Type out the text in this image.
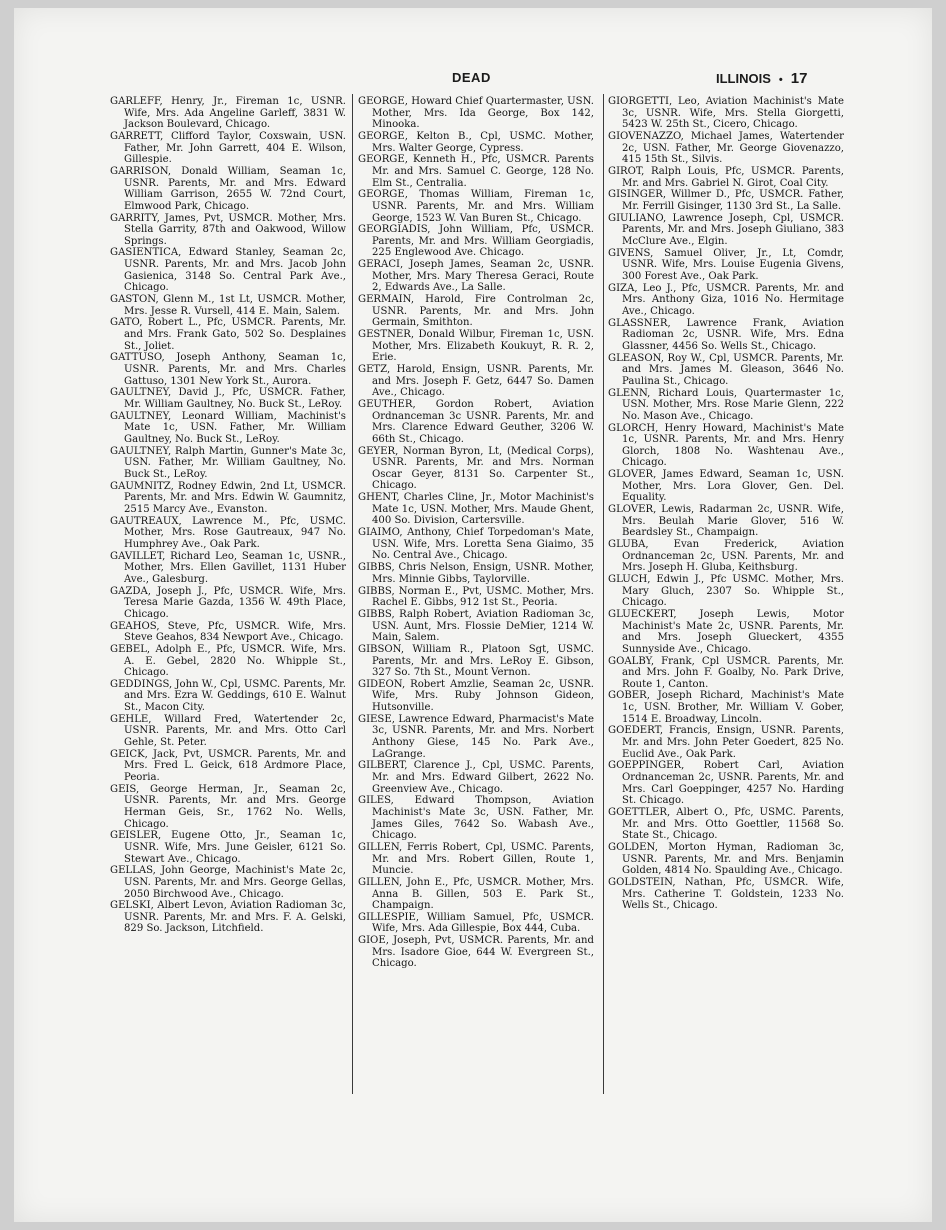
DEAD	ILLINOIS • 17
GARLEFF, Henry, Jr., Fireman 1c, USNR. Wife, Mrs. Ada Angeline Garleff, 3831 W. Jackson Boulevard, Chicago.
GARRETT, Clifford Taylor, Coxswain, USN. Father, Mr. John Garrett, 404 E. Wilson, Gillespie.
GARRISON, Donald William, Seaman 1c, USNR. Parents, Mr. and Mrs. Edward William Garrison, 2655 W. 72nd Court, Elmwood Park, Chicago.
GARRITY, James, Pvt, USMCR. Mother, Mrs. Stella Garrity, 87th and Oakwood, Willow Springs.
GASIENTICA, Edward Stanley, Seaman 2c, USNR. Parents, Mr. and Mrs. Jacob John Gasienica, 3148 So. Central Park Ave., Chicago.
GASTON, Glenn M., 1st Lt, USMCR. Mother, Mrs. Jesse R. Vursell, 414 E. Main, Salem.
GATO, Robert L., Pfc, USMCR. Parents, Mr. and Mrs. Frank Gato, 502 So. Desplaines St., Joliet.
GATTUSO, Joseph Anthony, Seaman 1c, USNR. Parents, Mr. and Mrs. Charles Gattuso, 1301 New York St., Aurora.
GAULTNEY, David J., Pfc, USMCR. Father, Mr. William Gaultney, No. Buck St., LeRoy.
GAULTNEY, Leonard William, Machinist's Mate 1c, USN. Father, Mr. William Gaultney, No. Buck St., LeRoy.
GAULTNEY, Ralph Martin, Gunner's Mate 3c, USN. Father, Mr. William Gaultney, No. Buck St., LeRoy.
GAUMNITZ, Rodney Edwin, 2nd Lt, USMCR. Parents, Mr. and Mrs. Edwin W. Gaumnitz, 2515 Marcy Ave., Evanston.
GAUTREAUX, Lawrence M., Pfc, USMC. Mother, Mrs. Rose Gautreaux, 947 No. Humphrey Ave., Oak Park.
GAVILLET, Richard Leo, Seaman 1c, USNR., Mother, Mrs. Ellen Gavillet, 1131 Huber Ave., Galesburg.
GAZDA, Joseph J., Pfc, USMCR. Wife, Mrs. Teresa Marie Gazda, 1356 W. 49th Place, Chicago.
GEAHOS, Steve, Pfc, USMCR. Wife, Mrs. Steve Geahos, 834 Newport Ave., Chicago.
GEBEL, Adolph E., Pfc, USMCR. Wife, Mrs. A. E. Gebel, 2820 No. Whipple St., Chicago.
GEDDINGS, John W., Cpl, USMC. Parents, Mr. and Mrs. Ezra W. Geddings, 610 E. Walnut St., Macon City.
GEHLE, Willard Fred, Watertender 2c, USNR. Parents, Mr. and Mrs. Otto Carl Gehle, St. Peter.
GEICK, Jack, Pvt, USMCR. Parents, Mr. and Mrs. Fred L. Geick, 618 Ardmore Place, Peoria.
GEIS, George Herman, Jr., Seaman 2c, USNR. Parents, Mr. and Mrs. George Herman Geis, Sr., 1762 No. Wells, Chicago.
GEISLER, Eugene Otto, Jr., Seaman 1c, USNR. Wife, Mrs. June Geisler, 6121 So. Stewart Ave., Chicago.
GELLAS, John George, Machinist's Mate 2c, USN. Parents, Mr. and Mrs. George Gellas, 2050 Birchwood Ave., Chicago.
GELSKI, Albert Levon, Aviation Radioman 3c, USNR. Parents, Mr. and Mrs. F. A. Gelski, 829 So. Jackson, Litchfield.
GEORGE, Howard Chief Quartermaster, USN. Mother, Mrs. Ida George, Box 142, Minooka.
GEORGE, Kelton B., Cpl, USMC. Mother, Mrs. Walter George, Cypress.
GEORGE, Kenneth H., Pfc, USMCR. Parents Mr. and Mrs. Samuel C. George, 128 No. Elm St., Centralia.
GEORGE, Thomas William, Fireman 1c, USNR. Parents, Mr. and Mrs. William George, 1523 W. Van Buren St., Chicago.
GEORGIADIS, John William, Pfc, USMCR. Parents, Mr. and Mrs. William Georgiadis, 225 Englewood Ave. Chicago.
GERACI, Joseph James, Seaman 2c, USNR. Mother, Mrs. Mary Theresa Geraci, Route 2, Edwards Ave., La Salle.
GERMAIN, Harold, Fire Controlman 2c, USNR. Parents, Mr. and Mrs. John Germain, Smithton.
GESTNER, Donald Wilbur, Fireman 1c, USN. Mother, Mrs. Elizabeth Koukuyt, R. R. 2, Erie.
GETZ, Harold, Ensign, USNR. Parents, Mr. and Mrs. Joseph F. Getz, 6447 So. Damen Ave., Chicago.
GEUTHER, Gordon Robert, Aviation Ordnanceman 3c USNR. Parents, Mr. and Mrs. Clarence Edward Geuther, 3206 W. 66th St., Chicago.
GEYER, Norman Byron, Lt, (Medical Corps), USNR. Parents, Mr. and Mrs. Norman Oscar Geyer, 8131 So. Carpenter St., Chicago.
GHENT, Charles Cline, Jr., Motor Machinist's Mate 1c, USN. Mother, Mrs. Maude Ghent, 400 So. Division, Cartersville.
GIAIMO, Anthony, Chief Torpedoman's Mate, USN. Wife, Mrs. Loretta Sena Giaimo, 35 No. Central Ave., Chicago.
GIBBS, Chris Nelson, Ensign, USNR. Mother, Mrs. Minnie Gibbs, Taylorville.
GIBBS, Norman E., Pvt, USMC. Mother, Mrs. Rachel E. Gibbs, 912 1st St., Peoria.
GIBBS, Ralph Robert, Aviation Radioman 3c, USN. Aunt, Mrs. Flossie DeMier, 1214 W. Main, Salem.
GIBSON, William R., Platoon Sgt, USMC. Parents, Mr. and Mrs. LeRoy E. Gibson, 327 So. 7th St., Mount Vernon.
GIDEON, Robert Amzlie, Seaman 2c, USNR. Wife, Mrs. Ruby Johnson Gideon, Hutsonville.
GIESE, Lawrence Edward, Pharmacist's Mate 3c, USNR. Parents, Mr. and Mrs. Norbert Anthony Giese, 145 No. Park Ave., LaGrange.
GILBERT, Clarence J., Cpl, USMC. Parents, Mr. and Mrs. Edward Gilbert, 2622 No. Greenview Ave., Chicago.
GILES, Edward Thompson, Aviation Machinist's Mate 3c, USN. Father, Mr. James Giles, 7642 So. Wabash Ave., Chicago.
GILLEN, Ferris Robert, Cpl, USMC. Parents, Mr. and Mrs. Robert Gillen, Route 1, Muncie.
GILLEN, John E., Pfc, USMCR. Mother, Mrs. Anna B. Gillen, 503 E. Park St., Champaign.
GILLESPIE, William Samuel, Pfc, USMCR. Wife, Mrs. Ada Gillespie, Box 444, Cuba.
GIOE, Joseph, Pvt, USMCR. Parents, Mr. and Mrs. Isadore Gioe, 644 W. Evergreen St., Chicago.
GIORGETTI, Leo, Aviation Machinist's Mate 3c, USNR. Wife, Mrs. Stella Giorgetti, 5423 W. 25th St., Cicero, Chicago.
GIOVENAZZO, Michael James, Watertender 2c, USN. Father, Mr. George Giovenazzo, 415 15th St., Silvis.
GIROT, Ralph Louis, Pfc, USMCR. Parents, Mr. and Mrs. Gabriel N. Girot, Coal City.
GISINGER, Willmer D., Pfc, USMCR. Father, Mr. Ferrill Gisinger, 1130 3rd St., La Salle.
GIULIANO, Lawrence Joseph, Cpl, USMCR. Parents, Mr. and Mrs. Joseph Giuliano, 383 McClure Ave., Elgin.
GIVENS, Samuel Oliver, Jr., Lt, Comdr, USNR. Wife, Mrs. Louise Eugenia Givens, 300 Forest Ave., Oak Park.
GIZA, Leo J., Pfc, USMCR. Parents, Mr. and Mrs. Anthony Giza, 1016 No. Hermitage Ave., Chicago.
GLASSNER, Lawrence Frank, Aviation Radioman 2c, USNR. Wife, Mrs. Edna Glassner, 4456 So. Wells St., Chicago.
GLEASON, Roy W., Cpl, USMCR. Parents, Mr. and Mrs. James M. Gleason, 3646 No. Paulina St., Chicago.
GLENN, Richard Louis, Quartermaster 1c, USN. Mother, Mrs. Rose Marie Glenn, 222 No. Mason Ave., Chicago.
GLORCH, Henry Howard, Machinist's Mate 1c, USNR. Parents, Mr. and Mrs. Henry Glorch, 1808 No. Washtenau Ave., Chicago.
GLOVER, James Edward, Seaman 1c, USN. Mother, Mrs. Lora Glover, Gen. Del. Equality.
GLOVER, Lewis, Radarman 2c, USNR. Wife, Mrs. Beulah Marie Glover, 516 W. Beardsley St., Champaign.
GLUBA, Evan Frederick, Aviation Ordnanceman 2c, USN. Parents, Mr. and Mrs. Joseph H. Gluba, Keithsburg.
GLUCH, Edwin J., Pfc USMC. Mother, Mrs. Mary Gluch, 2307 So. Whipple St., Chicago.
GLUECKERT, Joseph Lewis, Motor Machinist's Mate 2c, USNR. Parents, Mr. and Mrs. Joseph Glueckert, 4355 Sunnyside Ave., Chicago.
GOALBY, Frank, Cpl USMCR. Parents, Mr. and Mrs. John F. Goalby, No. Park Drive, Route 1, Canton.
GOBER, Joseph Richard, Machinist's Mate 1c, USN. Brother, Mr. William V. Gober, 1514 E. Broadway, Lincoln.
GOEDERT, Francis, Ensign, USNR. Parents, Mr. and Mrs. John Peter Goedert, 825 No. Euclid Ave., Oak Park.
GOEPPINGER, Robert Carl, Aviation Ordnanceman 2c, USNR. Parents, Mr. and Mrs. Carl Goeppinger, 4257 No. Harding St. Chicago.
GOETTLER, Albert O., Pfc, USMC. Parents, Mr. and Mrs. Otto Goettler, 11568 So. State St., Chicago.
GOLDEN, Morton Hyman, Radioman 3c, USNR. Parents, Mr. and Mrs. Benjamin Golden, 4814 No. Spaulding Ave., Chicago.
GOLDSTEIN, Nathan, Pfc, USMCR. Wife, Mrs. Catherine T. Goldstein, 1233 No. Wells St., Chicago.
